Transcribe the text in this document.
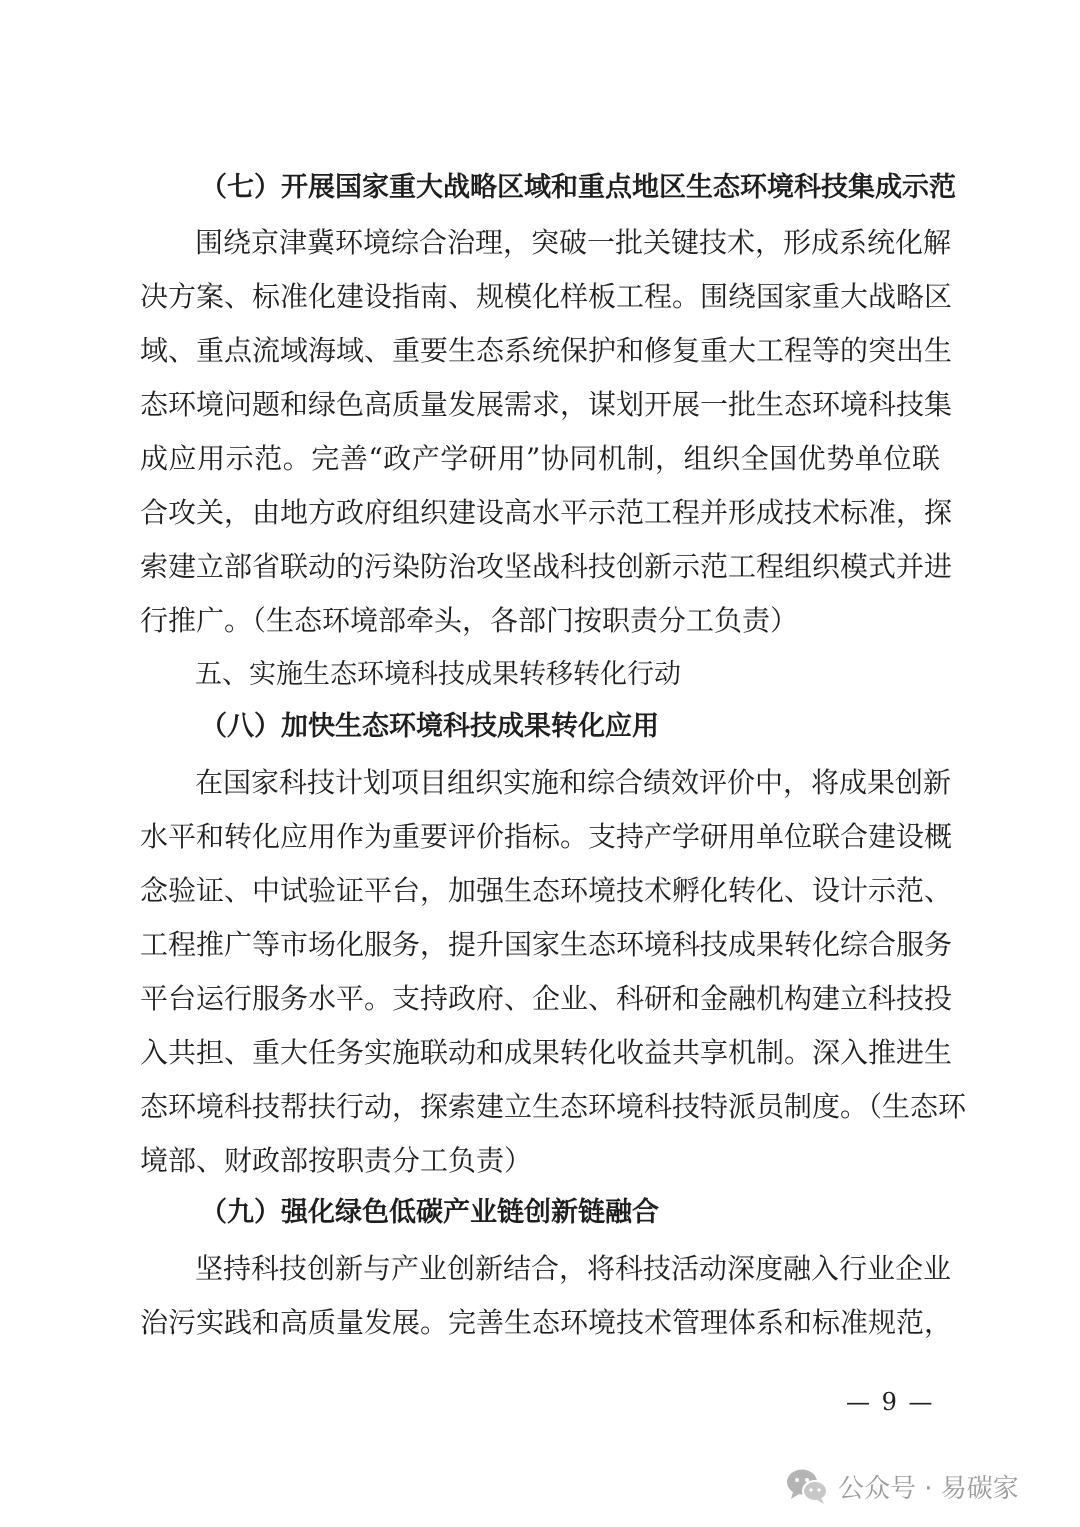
（七）开展国家重大战略区域和重点地区生态环境科技集成示范
围绕京津冀环境综合治理，突破一批关键技术，形成系统化解
决方案、标准化建设指南、规模化样板工程。围绕国家重大战略区
域、重点流域海域、重要生态系统保护和修复重大工程等的突出生
态环境问题和绿色高质量发展需求，谋划开展一批生态环境科技集
成应用示范。完善“政产学研用”协同机制，组织全国优势单位联
合攻关，由地方政府组织建设高水平示范工程并形成技术标准，探
索建立部省联动的污染防治攻坚战科技创新示范工程组织模式并进
行推广。（生态环境部牵头，各部门按职责分工负责）
五、实施生态环境科技成果转移转化行动
（八）加快生态环境科技成果转化应用
在国家科技计划项目组织实施和综合绩效评价中，将成果创新
水平和转化应用作为重要评价指标。支持产学研用单位联合建设概
念验证、中试验证平台，加强生态环境技术孵化转化、设计示范、
工程推广等市场化服务，提升国家生态环境科技成果转化综合服务
平台运行服务水平。支持政府、企业、科研和金融机构建立科技投
入共担、重大任务实施联动和成果转化收益共享机制。深入推进生
态环境科技帮扶行动，探索建立生态环境科技特派员制度。（生态环
境部、财政部按职责分工负责）
（九）强化绿色低碳产业链创新链融合
坚持科技创新与产业创新结合，将科技活动深度融入行业企业
治污实践和高质量发展。完善生态环境技术管理体系和标准规范，
— 9 —
公众号 · 易碳家
